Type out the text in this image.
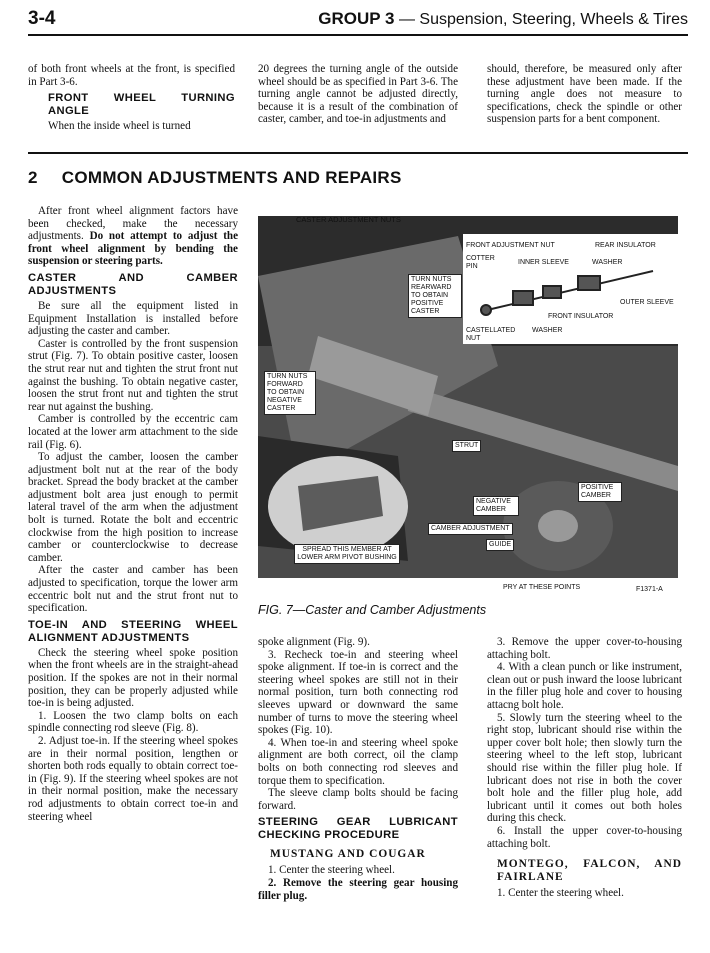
3-4	GROUP 3 — Suspension, Steering, Wheels & Tires

of both front wheels at the front, is specified in Part 3-6.

FRONT WHEEL TURNING ANGLE

When the inside wheel is turned

20 degrees the turning angle of the outside wheel should be as specified in Part 3-6. The turning angle cannot be adjusted directly, because it is a result of the combination of caster, camber, and toe-in adjustments and

should, therefore, be measured only after these adjustment have been made. If the turning angle does not measure to specifications, check the spindle or other suspension parts for a bent component.

2 COMMON ADJUSTMENTS AND REPAIRS

After front wheel alignment factors have been checked, make the necessary adjustments. Do not attempt to adjust the front wheel alignment by bending the suspension or steering parts.

CASTER AND CAMBER ADJUSTMENTS

Be sure all the equipment listed in Equipment Installation is installed before adjusting the caster and camber.

Caster is controlled by the front suspension strut (Fig. 7). To obtain positive caster, loosen the strut rear nut and tighten the strut front nut against the bushing. To obtain negative caster, loosen the strut front nut and tighten the strut rear nut against the bushing.

Camber is controlled by the eccentric cam located at the lower arm attachment to the side rail (Fig. 6).

To adjust the camber, loosen the camber adjustment bolt nut at the rear of the body bracket. Spread the body bracket at the camber adjustment bolt area just enough to permit lateral travel of the arm when the adjustment bolt is turned. Rotate the bolt and eccentric clockwise from the high position to increase camber or counterclockwise to decrease camber.

After the caster and camber has been adjusted to specification, torque the lower arm eccentric bolt nut and the strut front nut to specification.

TOE-IN AND STEERING WHEEL ALIGNMENT ADJUSTMENTS

Check the steering wheel spoke position when the front wheels are in the straight-ahead position. If the spokes are not in their normal position, they can be properly adjusted while toe-in is being adjusted.

1. Loosen the two clamp bolts on each spindle connecting rod sleeve (Fig. 8).

2. Adjust toe-in. If the steering wheel spokes are in their normal position, lengthen or shorten both rods equally to obtain correct toe-in (Fig. 9). If the steering wheel spokes are not in their normal position, make the necessary rod adjustments to obtain correct toe-in and steering wheel

CASTER ADJUSTMENT NUTS
TURN NUTS REARWARD TO OBTAIN POSITIVE CASTER
TURN NUTS FORWARD TO OBTAIN NEGATIVE CASTER
FRONT ADJUSTMENT NUT	REAR INSULATOR
COTTER PIN
INNER SLEEVE	WASHER
OUTER SLEEVE
FRONT INSULATOR
CASTELLATED NUT
WASHER
STRUT
POSITIVE CAMBER
NEGATIVE CAMBER
CAMBER ADJUSTMENT
GUIDE
SPREAD THIS MEMBER AT LOWER ARM PIVOT BUSHING
PRY AT THESE POINTS	F1371-A
FIG. 7—Caster and Camber Adjustments

spoke alignment (Fig. 9).

3. Recheck toe-in and steering wheel spoke alignment. If toe-in is correct and the steering wheel spokes are still not in their normal position, turn both connecting rod sleeves upward or downward the same number of turns to move the steering wheel spokes (Fig. 10).

4. When toe-in and steering wheel spoke alignment are both correct, oil the clamp bolts on both connecting rod sleeves and torque them to specification.

The sleeve clamp bolts should be facing forward.

STEERING GEAR LUBRICANT CHECKING PROCEDURE
MUSTANG AND COUGAR

1. Center the steering wheel.

2. Remove the steering gear housing filler plug.

3. Remove the upper cover-to-housing attaching bolt.

4. With a clean punch or like instrument, clean out or push inward the loose lubricant in the filler plug hole and cover to housing attacng bolt hole.

5. Slowly turn the steering wheel to the right stop, lubricant should rise within the upper cover bolt hole; then slowly turn the steering wheel to the left stop, lubricant should rise within the filler plug hole. If lubricant does not rise in both the cover bolt hole and the filler plug hole, add lubricant until it comes out both holes during this check.

6. Install the upper cover-to-housing attaching bolt.

MONTEGO, FALCON, AND FAIRLANE

1. Center the steering wheel.
